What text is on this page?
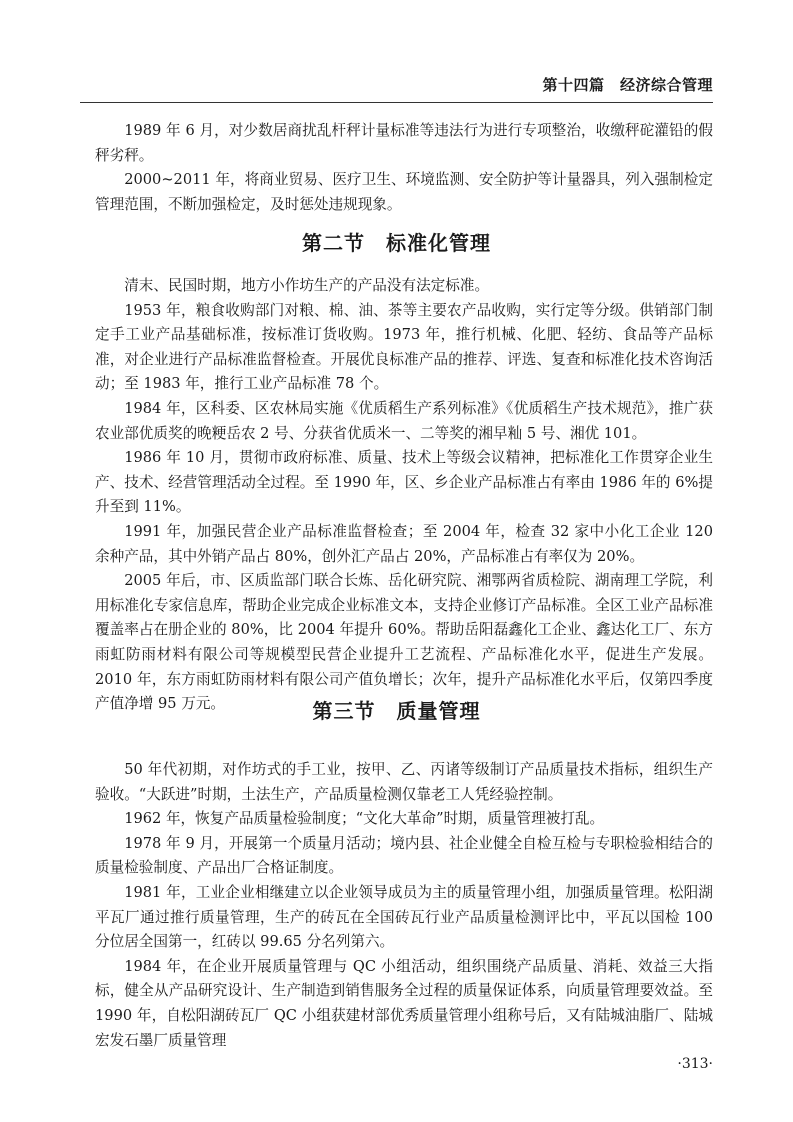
第十四篇　经济综合管理

1989 年 6 月，对少数居商扰乱杆秤计量标准等违法行为进行专项整治，收缴秤砣灌铅的假秤劣秤。

2000~2011 年，将商业贸易、医疗卫生、环境监测、安全防护等计量器具，列入强制检定管理范围，不断加强检定，及时惩处违规现象。

第二节　标准化管理

清末、民国时期，地方小作坊生产的产品没有法定标准。

1953 年，粮食收购部门对粮、棉、油、茶等主要农产品收购，实行定等分级。供销部门制定手工业产品基础标准，按标准订货收购。1973 年，推行机械、化肥、轻纺、食品等产品标准，对企业进行产品标准监督检查。开展优良标准产品的推荐、评选、复查和标准化技术咨询活动；至 1983 年，推行工业产品标准 78 个。

1984 年，区科委、区农林局实施《优质稻生产系列标准》《优质稻生产技术规范》，推广获农业部优质奖的晚粳岳农 2 号、分获省优质米一、二等奖的湘早籼 5 号、湘优 101。

1986 年 10 月，贯彻市政府标准、质量、技术上等级会议精神，把标准化工作贯穿企业生产、技术、经营管理活动全过程。至 1990 年，区、乡企业产品标准占有率由 1986 年的 6%提升至到 11%。

1991 年，加强民营企业产品标准监督检查；至 2004 年，检查 32 家中小化工企业 120 余种产品，其中外销产品占 80%，创外汇产品占 20%，产品标准占有率仅为 20%。

2005 年后，市、区质监部门联合长炼、岳化研究院、湘鄂两省质检院、湖南理工学院，利用标准化专家信息库，帮助企业完成企业标准文本，支持企业修订产品标准。全区工业产品标准覆盖率占在册企业的 80%，比 2004 年提升 60%。帮助岳阳磊鑫化工企业、鑫达化工厂、东方雨虹防雨材料有限公司等规模型民营企业提升工艺流程、产品标准化水平，促进生产发展。2010 年，东方雨虹防雨材料有限公司产值负增长；次年，提升产品标准化水平后，仅第四季度产值净增 95 万元。	第三节　质量管理

50 年代初期，对作坊式的手工业，按甲、乙、丙诸等级制订产品质量技术指标，组织生产验收。“大跃进”时期，土法生产，产品质量检测仅靠老工人凭经验控制。

1962 年，恢复产品质量检验制度；“文化大革命”时期，质量管理被打乱。

1978 年 9 月，开展第一个质量月活动；境内县、社企业健全自检互检与专职检验相结合的质量检验制度、产品出厂合格证制度。

1981 年，工业企业相继建立以企业领导成员为主的质量管理小组，加强质量管理。松阳湖平瓦厂通过推行质量管理，生产的砖瓦在全国砖瓦行业产品质量检测评比中，平瓦以国检 100 分位居全国第一，红砖以 99.65 分名列第六。

1984 年，在企业开展质量管理与 QC 小组活动，组织围绕产品质量、消耗、效益三大指标，健全从产品研究设计、生产制造到销售服务全过程的质量保证体系，向质量管理要效益。至 1990 年，自松阳湖砖瓦厂 QC 小组获建材部优秀质量管理小组称号后，又有陆城油脂厂、陆城宏发石墨厂质量管理

·313·
